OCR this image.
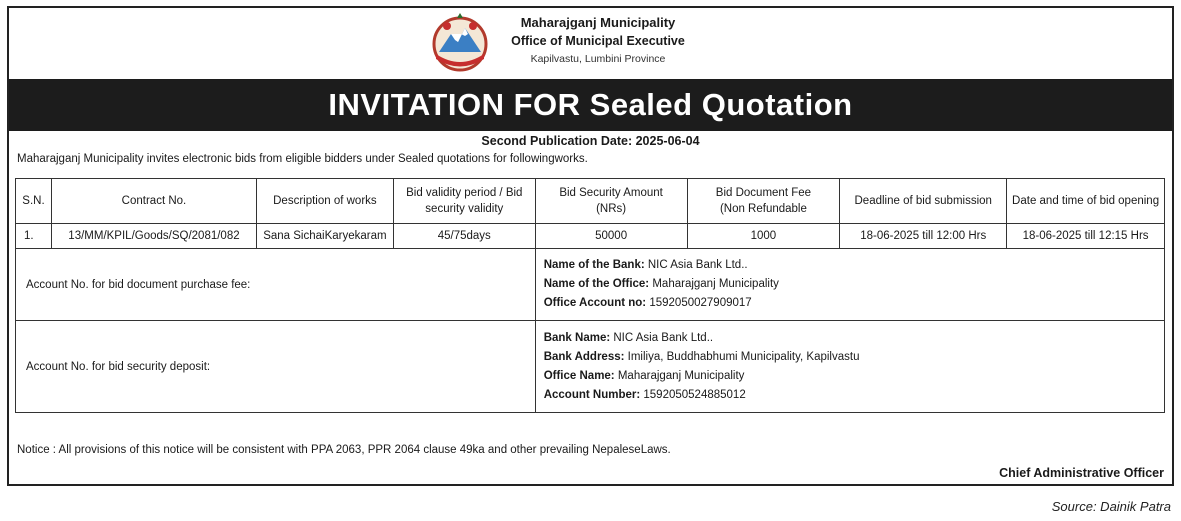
Maharajganj Municipality
Office of Municipal Executive
Kapilvastu, Lumbini Province
INVITATION FOR Sealed Quotation
Second Publication Date: 2025-06-04
Maharajganj Municipality invites electronic bids from eligible bidders under Sealed quotations for followingworks.
S.N.	Contract No.	Description of works	Bid validity period / Bid
security validity	Bid Security Amount
(NRs)	Bid Document Fee
(Non Refundable	Deadline of bid submission	Date and time of bid opening
1.	13/MM/KPIL/Goods/SQ/2081/082	Sana SichaiKaryekaram	45/75days	50000	1000	18-06-2025 till 12:00 Hrs	18-06-2025 till 12:15 Hrs
Account No. for bid document purchase fee:				Name of the Bank: NIC Asia Bank Ltd..
Name of the Office: Maharajganj Municipality
Office Account no: 1592050027909017			

Account No. for bid security deposit:				Bank Name: NIC Asia Bank Ltd..
Bank Address: Imiliya, Buddhabhumi Municipality, Kapilvastu
Office Name: Maharajganj Municipality
Account Number: 1592050524885012			
Notice : All provisions of this notice will be consistent with PPA 2063, PPR 2064 clause 49ka and other prevailing NepaleseLaws.
Chief Administrative Officer
Source: Dainik Patra
